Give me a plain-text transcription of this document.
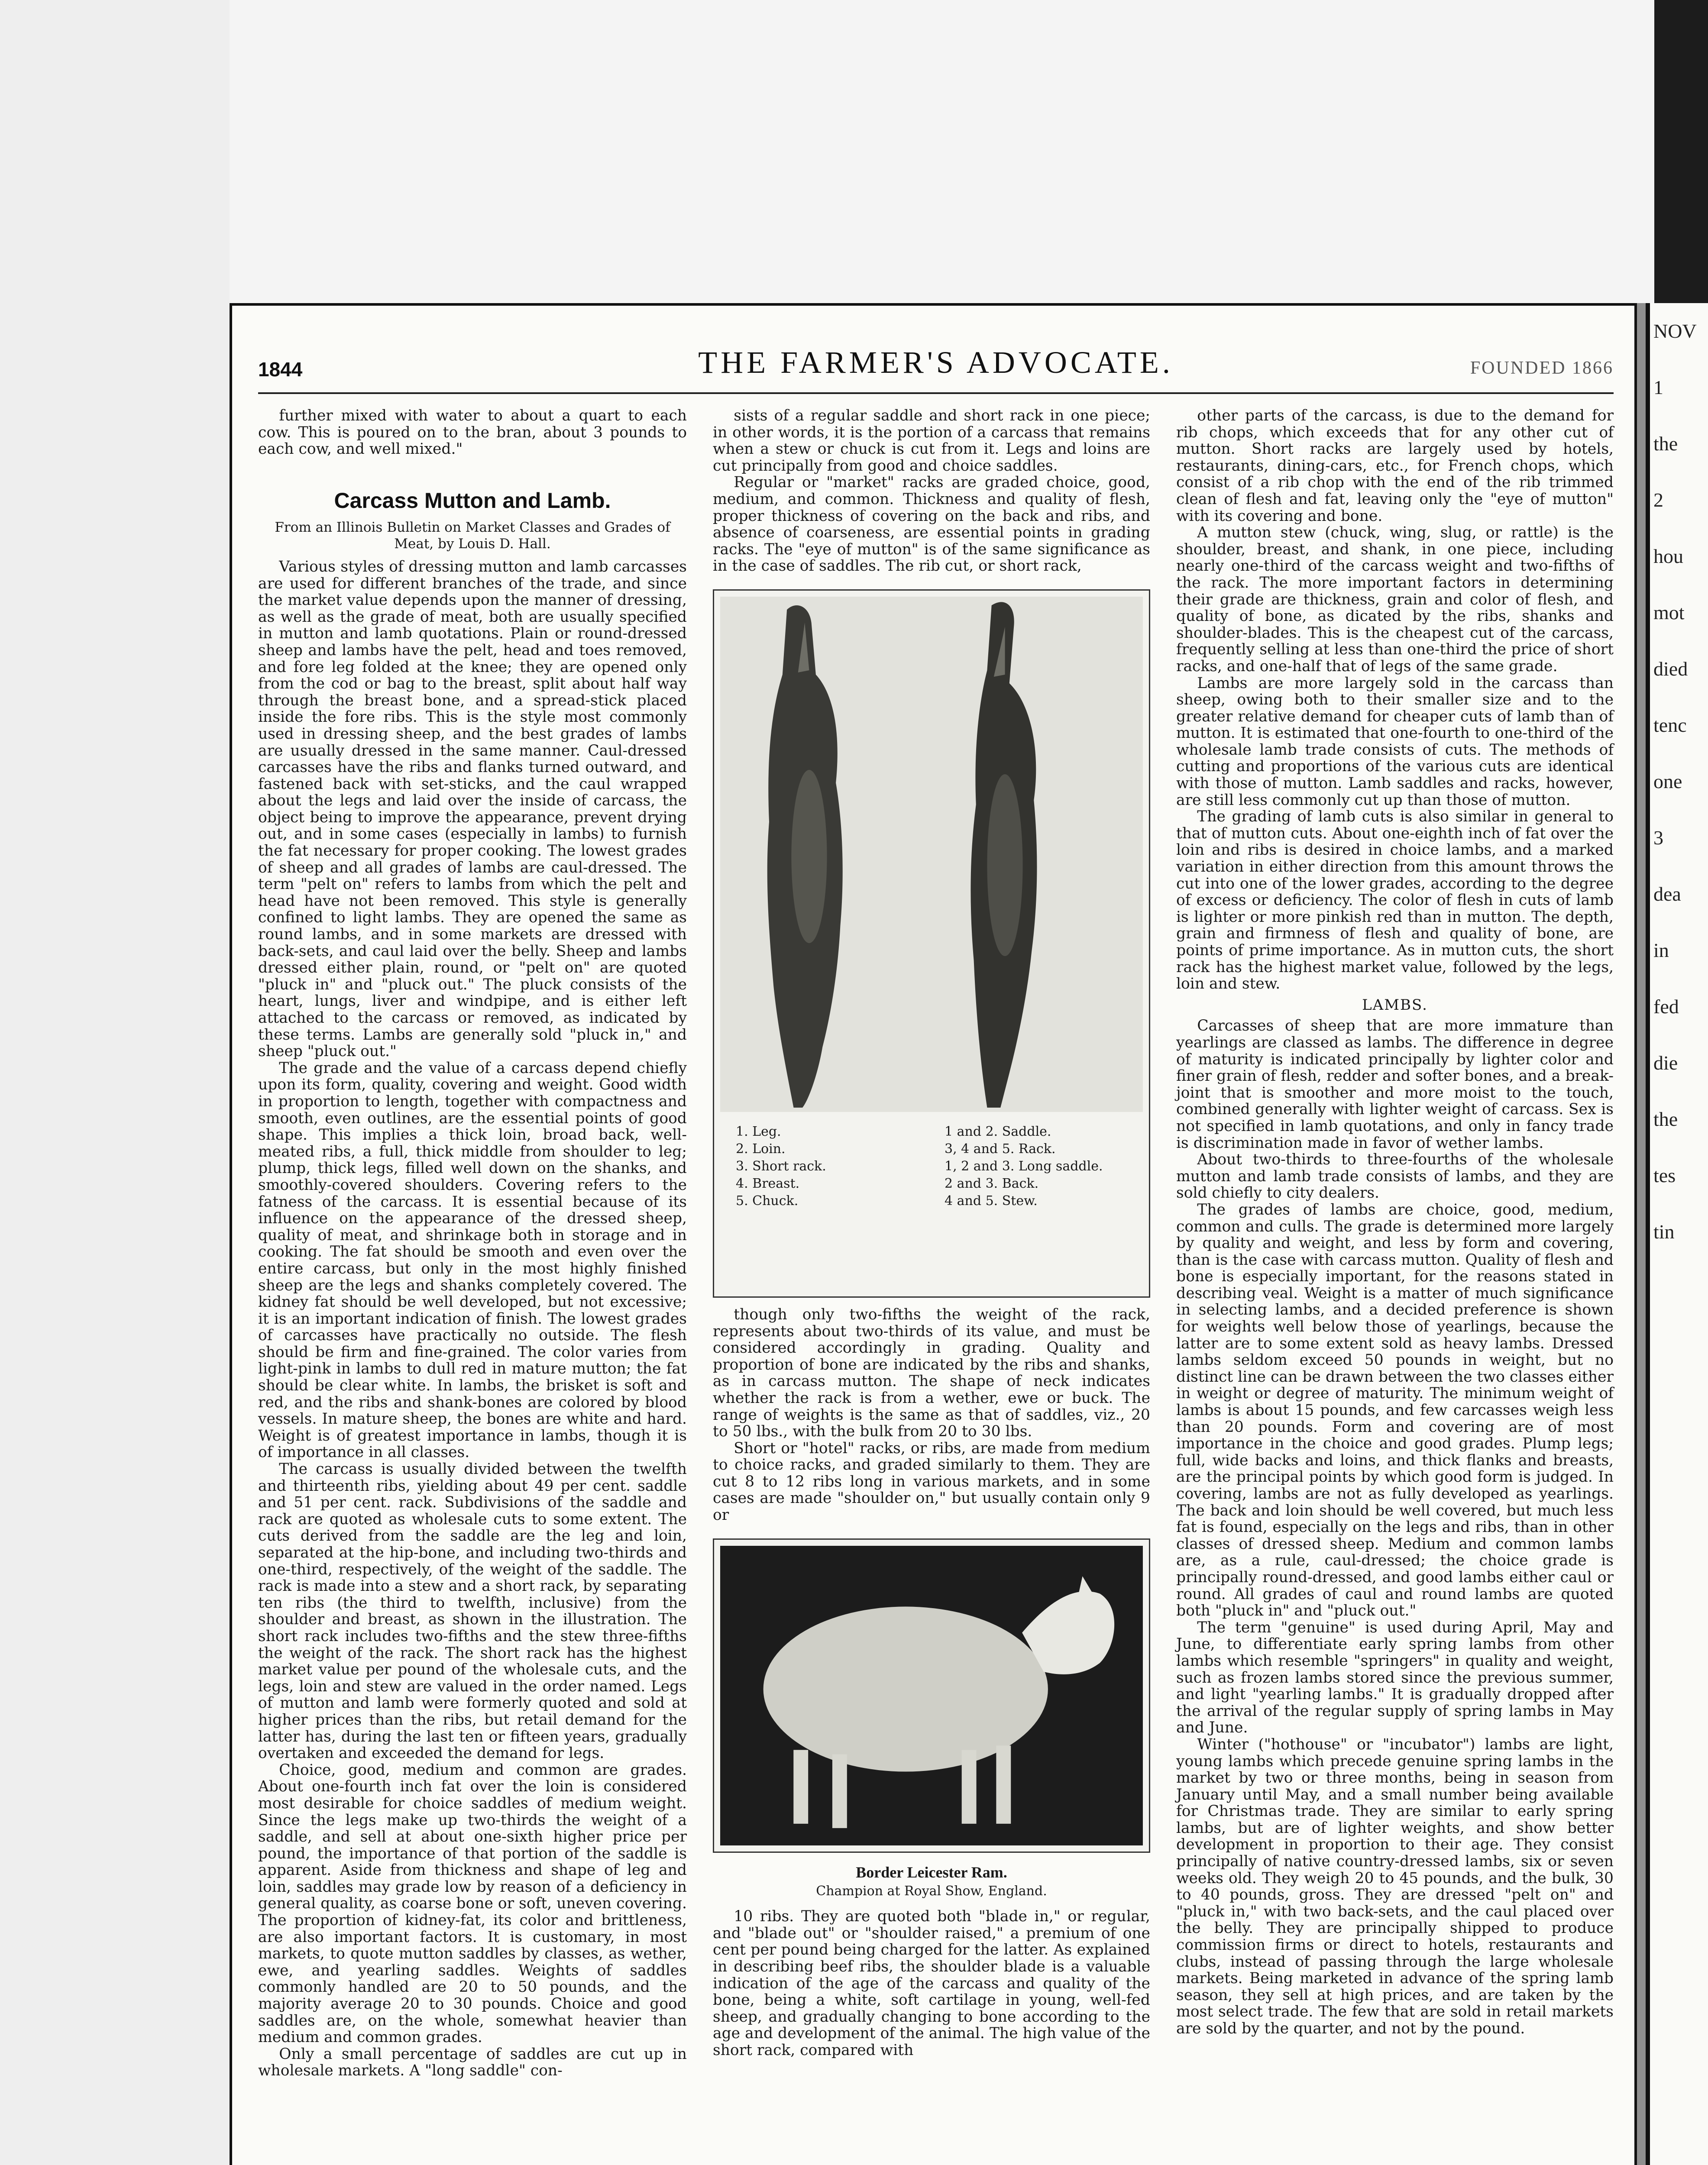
NOV
1
the
2
hou
mot
died
tenc
one
3
dea
in
fed
die
the
tes
tin
1844	THE FARMER'S ADVOCATE.	FOUNDED 1866

further mixed with water to about a quart to each cow. This is poured on to the bran, about 3 pounds to each cow, and well mixed."

Carcass Mutton and Lamb.
From an Illinois Bulletin on Market Classes and Grades of Meat, by Louis D. Hall.

Various styles of dressing mutton and lamb carcasses are used for different branches of the trade, and since the market value depends upon the manner of dressing, as well as the grade of meat, both are usually specified in mutton and lamb quotations. Plain or round-dressed sheep and lambs have the pelt, head and toes removed, and fore leg folded at the knee; they are opened only from the cod or bag to the breast, split about half way through the breast bone, and a spread-stick placed inside the fore ribs. This is the style most commonly used in dressing sheep, and the best grades of lambs are usually dressed in the same manner. Caul-dressed carcasses have the ribs and flanks turned outward, and fastened back with set-sticks, and the caul wrapped about the legs and laid over the inside of carcass, the object being to improve the appearance, prevent drying out, and in some cases (especially in lambs) to furnish the fat necessary for proper cooking. The lowest grades of sheep and all grades of lambs are caul-dressed. The term "pelt on" refers to lambs from which the pelt and head have not been removed. This style is generally confined to light lambs. They are opened the same as round lambs, and in some markets are dressed with back-sets, and caul laid over the belly. Sheep and lambs dressed either plain, round, or "pelt on" are quoted "pluck in" and "pluck out." The pluck consists of the heart, lungs, liver and windpipe, and is either left attached to the carcass or removed, as indicated by these terms. Lambs are generally sold "pluck in," and sheep "pluck out."

The grade and the value of a carcass depend chiefly upon its form, quality, covering and weight. Good width in proportion to length, together with compactness and smooth, even outlines, are the essential points of good shape. This implies a thick loin, broad back, well-meated ribs, a full, thick middle from shoulder to leg; plump, thick legs, filled well down on the shanks, and smoothly-covered shoulders. Covering refers to the fatness of the carcass. It is essential because of its influence on the appearance of the dressed sheep, quality of meat, and shrinkage both in storage and in cooking. The fat should be smooth and even over the entire carcass, but only in the most highly finished sheep are the legs and shanks completely covered. The kidney fat should be well developed, but not excessive; it is an important indication of finish. The lowest grades of carcasses have practically no outside. The flesh should be firm and fine-grained. The color varies from light-pink in lambs to dull red in mature mutton; the fat should be clear white. In lambs, the brisket is soft and red, and the ribs and shank-bones are colored by blood vessels. In mature sheep, the bones are white and hard. Weight is of greatest importance in lambs, though it is of importance in all classes.

The carcass is usually divided between the twelfth and thirteenth ribs, yielding about 49 per cent. saddle and 51 per cent. rack. Subdivisions of the saddle and rack are quoted as wholesale cuts to some extent. The cuts derived from the saddle are the leg and loin, separated at the hip-bone, and including two-thirds and one-third, respectively, of the weight of the saddle. The rack is made into a stew and a short rack, by separating ten ribs (the third to twelfth, inclusive) from the shoulder and breast, as shown in the illustration. The short rack includes two-fifths and the stew three-fifths the weight of the rack. The short rack has the highest market value per pound of the wholesale cuts, and the legs, loin and stew are valued in the order named. Legs of mutton and lamb were formerly quoted and sold at higher prices than the ribs, but retail demand for the latter has, during the last ten or fifteen years, gradually overtaken and exceeded the demand for legs.

Choice, good, medium and common are grades. About one-fourth inch fat over the loin is considered most desirable for choice saddles of medium weight. Since the legs make up two-thirds the weight of a saddle, and sell at about one-sixth higher price per pound, the importance of that portion of the saddle is apparent. Aside from thickness and shape of leg and loin, saddles may grade low by reason of a deficiency in general quality, as coarse bone or soft, uneven covering. The proportion of kidney-fat, its color and brittleness, are also important factors. It is customary, in most markets, to quote mutton saddles by classes, as wether, ewe, and yearling saddles. Weights of saddles commonly handled are 20 to 50 pounds, and the majority average 20 to 30 pounds. Choice and good saddles are, on the whole, somewhat heavier than medium and common grades.

Only a small percentage of saddles are cut up in wholesale markets. A "long saddle" con-

sists of a regular saddle and short rack in one piece; in other words, it is the portion of a carcass that remains when a stew or chuck is cut from it. Legs and loins are cut principally from good and choice saddles.

Regular or "market" racks are graded choice, good, medium, and common. Thickness and quality of flesh, proper thickness of covering on the back and ribs, and absence of coarseness, are essential points in grading racks. The "eye of mutton" is of the same significance as in the case of saddles. The rib cut, or short rack,

1. Leg.
2. Loin.
3. Short rack.
4. Breast.
5. Chuck.
1 and 2. Saddle.
3, 4 and 5. Rack.
1, 2 and 3. Long saddle.
2 and 3. Back.
4 and 5. Stew.

though only two-fifths the weight of the rack, represents about two-thirds of its value, and must be considered accordingly in grading. Quality and proportion of bone are indicated by the ribs and shanks, as in carcass mutton. The shape of neck indicates whether the rack is from a wether, ewe or buck. The range of weights is the same as that of saddles, viz., 20 to 50 lbs., with the bulk from 20 to 30 lbs.

Short or "hotel" racks, or ribs, are made from medium to choice racks, and graded similarly to them. They are cut 8 to 12 ribs long in various markets, and in some cases are made "shoulder on," but usually contain only 9 or

Border Leicester Ram.
Champion at Royal Show, England.

10 ribs. They are quoted both "blade in," or regular, and "blade out" or "shoulder raised," a premium of one cent per pound being charged for the latter. As explained in describing beef ribs, the shoulder blade is a valuable indication of the age of the carcass and quality of the bone, being a white, soft cartilage in young, well-fed sheep, and gradually changing to bone according to the age and development of the animal. The high value of the short rack, compared with

other parts of the carcass, is due to the demand for rib chops, which exceeds that for any other cut of mutton. Short racks are largely used by hotels, restaurants, dining-cars, etc., for French chops, which consist of a rib chop with the end of the rib trimmed clean of flesh and fat, leaving only the "eye of mutton" with its covering and bone.

A mutton stew (chuck, wing, slug, or rattle) is the shoulder, breast, and shank, in one piece, including nearly one-third of the carcass weight and two-fifths of the rack. The more important factors in determining their grade are thickness, grain and color of flesh, and quality of bone, as dicated by the ribs, shanks and shoulder-blades. This is the cheapest cut of the carcass, frequently selling at less than one-third the price of short racks, and one-half that of legs of the same grade.

Lambs are more largely sold in the carcass than sheep, owing both to their smaller size and to the greater relative demand for cheaper cuts of lamb than of mutton. It is estimated that one-fourth to one-third of the wholesale lamb trade consists of cuts. The methods of cutting and proportions of the various cuts are identical with those of mutton. Lamb saddles and racks, however, are still less commonly cut up than those of mutton.

The grading of lamb cuts is also similar in general to that of mutton cuts. About one-eighth inch of fat over the loin and ribs is desired in choice lambs, and a marked variation in either direction from this amount throws the cut into one of the lower grades, according to the degree of excess or deficiency. The color of flesh in cuts of lamb is lighter or more pinkish red than in mutton. The depth, grain and firmness of flesh and quality of bone, are points of prime importance. As in mutton cuts, the short rack has the highest market value, followed by the legs, loin and stew.

LAMBS.

Carcasses of sheep that are more immature than yearlings are classed as lambs. The difference in degree of maturity is indicated principally by lighter color and finer grain of flesh, redder and softer bones, and a break-joint that is smoother and more moist to the touch, combined generally with lighter weight of carcass. Sex is not specified in lamb quotations, and only in fancy trade is discrimination made in favor of wether lambs.

About two-thirds to three-fourths of the wholesale mutton and lamb trade consists of lambs, and they are sold chiefly to city dealers.

The grades of lambs are choice, good, medium, common and culls. The grade is determined more largely by quality and weight, and less by form and covering, than is the case with carcass mutton. Quality of flesh and bone is especially important, for the reasons stated in describing veal. Weight is a matter of much significance in selecting lambs, and a decided preference is shown for weights well below those of yearlings, because the latter are to some extent sold as heavy lambs. Dressed lambs seldom exceed 50 pounds in weight, but no distinct line can be drawn between the two classes either in weight or degree of maturity. The minimum weight of lambs is about 15 pounds, and few carcasses weigh less than 20 pounds. Form and covering are of most importance in the choice and good grades. Plump legs; full, wide backs and loins, and thick flanks and breasts, are the principal points by which good form is judged. In covering, lambs are not as fully developed as yearlings. The back and loin should be well covered, but much less fat is found, especially on the legs and ribs, than in other classes of dressed sheep. Medium and common lambs are, as a rule, caul-dressed; the choice grade is principally round-dressed, and good lambs either caul or round. All grades of caul and round lambs are quoted both "pluck in" and "pluck out."

The term "genuine" is used during April, May and June, to differentiate early spring lambs from other lambs which resemble "springers" in quality and weight, such as frozen lambs stored since the previous summer, and light "yearling lambs." It is gradually dropped after the arrival of the regular supply of spring lambs in May and June.

Winter ("hothouse" or "incubator") lambs are light, young lambs which precede genuine spring lambs in the market by two or three months, being in season from January until May, and a small number being available for Christmas trade. They are similar to early spring lambs, but are of lighter weights, and show better development in proportion to their age. They consist principally of native country-dressed lambs, six or seven weeks old. They weigh 20 to 45 pounds, and the bulk, 30 to 40 pounds, gross. They are dressed "pelt on" and "pluck in," with two back-sets, and the caul placed over the belly. They are principally shipped to produce commission firms or direct to hotels, restaurants and clubs, instead of passing through the large wholesale markets. Being marketed in advance of the spring lamb season, they sell at high prices, and are taken by the most select trade. The few that are sold in retail markets are sold by the quarter, and not by the pound.
